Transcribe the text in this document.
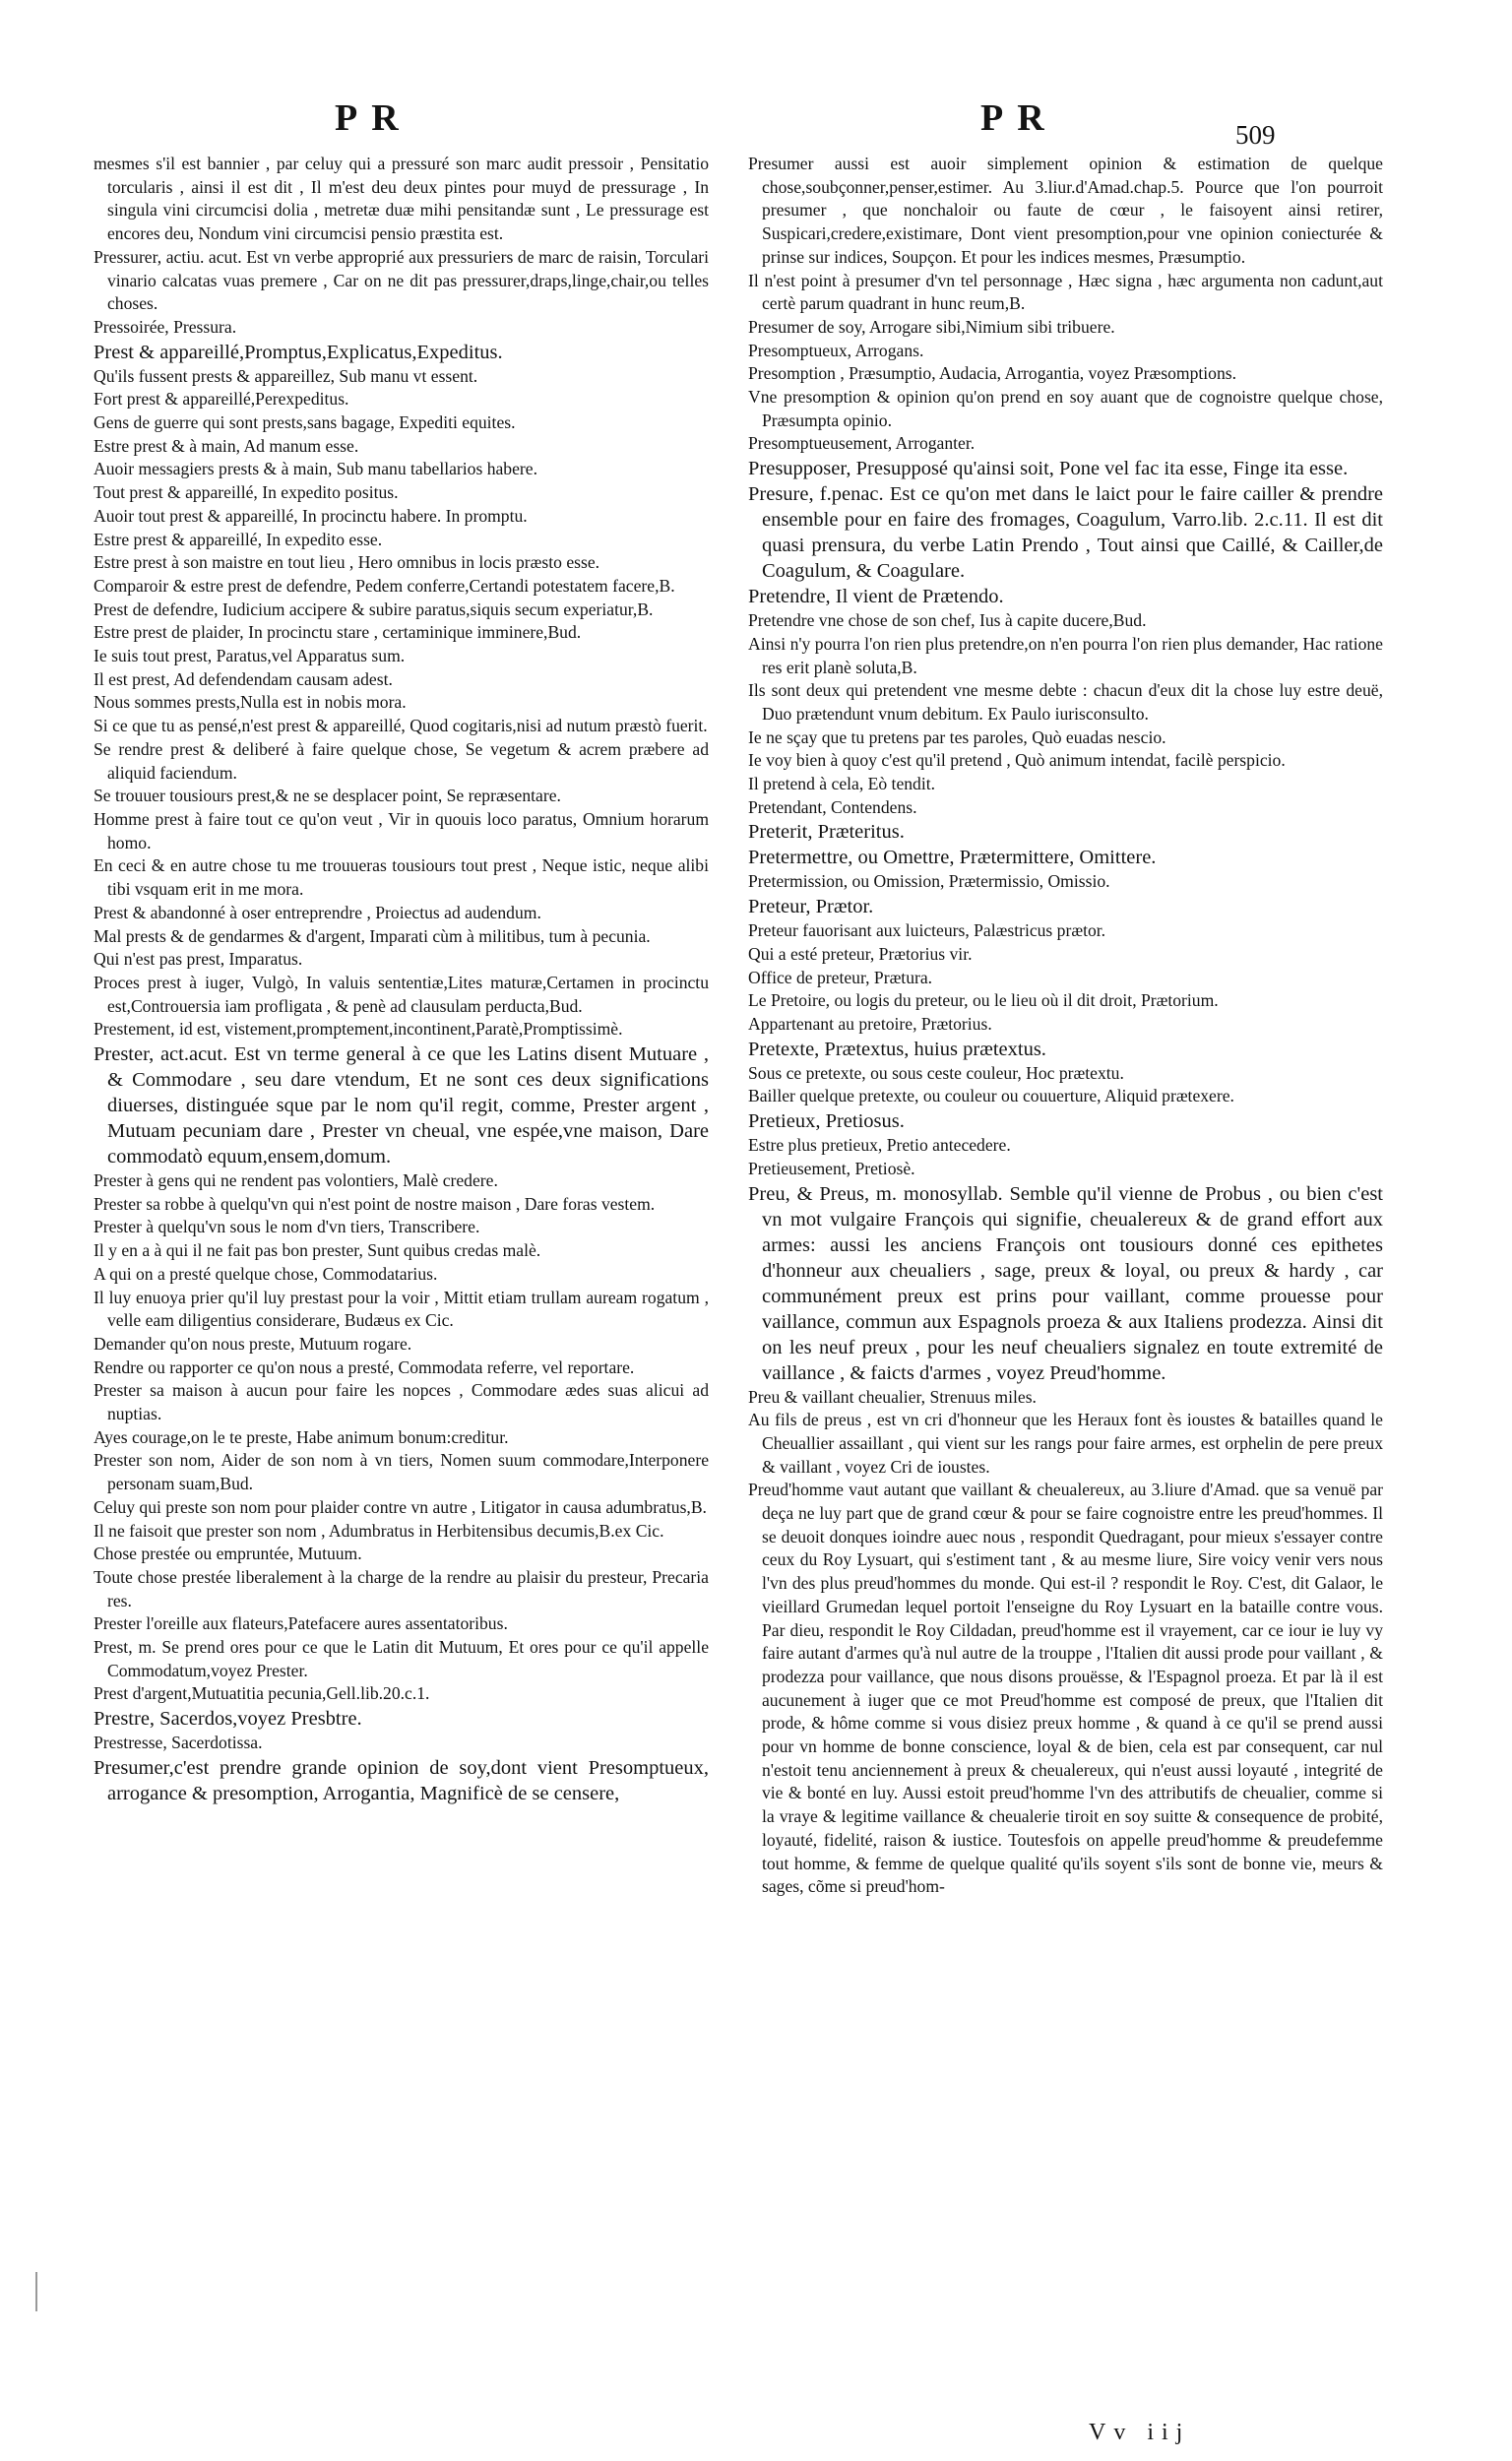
PR	PR	509

mesmes s'il est bannier , par celuy qui a pressuré son marc audit pressoir , Pensitatio torcularis , ainsi il est dit , Il m'est deu deux pintes pour muyd de pressurage , In singula vini circumcisi dolia , metretæ duæ mihi pensitandæ sunt , Le pressurage est encores deu, Nondum vini circumcisi pensio præstita est.

Pressurer, actiu. acut. Est vn verbe approprié aux pressuriers de marc de raisin, Torculari vinario calcatas vuas premere , Car on ne dit pas pressurer,draps,linge,chair,ou telles choses.

Pressoirée, Pressura.

Prest & appareillé,Promptus,Explicatus,Expeditus.

Qu'ils fussent prests & appareillez, Sub manu vt essent.

Fort prest & appareillé,Perexpeditus.

Gens de guerre qui sont prests,sans bagage, Expediti equites.

Estre prest & à main, Ad manum esse.

Auoir messagiers prests & à main, Sub manu tabellarios habere.

Tout prest & appareillé, In expedito positus.

Auoir tout prest & appareillé, In procinctu habere. In promptu.

Estre prest & appareillé, In expedito esse.

Estre prest à son maistre en tout lieu , Hero omnibus in locis præsto esse.

Comparoir & estre prest de defendre, Pedem conferre,Certandi potestatem facere,B.

Prest de defendre, Iudicium accipere & subire paratus,siquis secum experiatur,B.

Estre prest de plaider, In procinctu stare , certaminique imminere,Bud.

Ie suis tout prest, Paratus,vel Apparatus sum.

Il est prest, Ad defendendam causam adest.

Nous sommes prests,Nulla est in nobis mora.

Si ce que tu as pensé,n'est prest & appareillé, Quod cogitaris,nisi ad nutum præstò fuerit.

Se rendre prest & deliberé à faire quelque chose, Se vegetum & acrem præbere ad aliquid faciendum.

Se trouuer tousiours prest,& ne se desplacer point, Se repræsentare.

Homme prest à faire tout ce qu'on veut , Vir in quouis loco paratus, Omnium horarum homo.

En ceci & en autre chose tu me trouueras tousiours tout prest , Neque istic, neque alibi tibi vsquam erit in me mora.

Prest & abandonné à oser entreprendre , Proiectus ad audendum.

Mal prests & de gendarmes & d'argent, Imparati cùm à militibus, tum à pecunia.

Qui n'est pas prest, Imparatus.

Proces prest à iuger, Vulgò, In valuis sententiæ,Lites maturæ,Certamen in procinctu est,Controuersia iam profligata , & penè ad clausulam perducta,Bud.

Prestement, id est, vistement,promptement,incontinent,Paratè,Promptissimè.

Prester, act.acut. Est vn terme general à ce que les Latins disent Mutuare , & Commodare , seu dare vtendum, Et ne sont ces deux significations diuerses, distinguée sque par le nom qu'il regit, comme, Prester argent , Mutuam pecuniam dare , Prester vn cheual, vne espée,vne maison, Dare commodatò equum,ensem,domum.

Prester à gens qui ne rendent pas volontiers, Malè credere.

Prester sa robbe à quelqu'vn qui n'est point de nostre maison , Dare foras vestem.

Prester à quelqu'vn sous le nom d'vn tiers, Transcribere.

Il y en a à qui il ne fait pas bon prester, Sunt quibus credas malè.

A qui on a presté quelque chose, Commodatarius.

Il luy enuoya prier qu'il luy prestast pour la voir , Mittit etiam trullam auream rogatum , velle eam diligentius considerare, Budæus ex Cic.

Demander qu'on nous preste, Mutuum rogare.

Rendre ou rapporter ce qu'on nous a presté, Commodata referre, vel reportare.

Prester sa maison à aucun pour faire les nopces , Commodare ædes suas alicui ad nuptias.

Ayes courage,on le te preste, Habe animum bonum:creditur.

Prester son nom, Aider de son nom à vn tiers, Nomen suum commodare,Interponere personam suam,Bud.

Celuy qui preste son nom pour plaider contre vn autre , Litigator in causa adumbratus,B.

Il ne faisoit que prester son nom , Adumbratus in Herbitensibus decumis,B.ex Cic.

Chose prestée ou empruntée, Mutuum.

Toute chose prestée liberalement à la charge de la rendre au plaisir du presteur, Precaria res.

Prester l'oreille aux flateurs,Patefacere aures assentatoribus.

Prest, m. Se prend ores pour ce que le Latin dit Mutuum, Et ores pour ce qu'il appelle Commodatum,voyez Prester.

Prest d'argent,Mutuatitia pecunia,Gell.lib.20.c.1.

Prestre, Sacerdos,voyez Presbtre.

Prestresse, Sacerdotissa.

Presumer,c'est prendre grande opinion de soy,dont vient Presomptueux, arrogance & presomption, Arrogantia, Magnificè de se censere,

Presumer aussi est auoir simplement opinion & estimation de quelque chose,soubçonner,penser,estimer. Au 3.liur.d'Amad.chap.5. Pource que l'on pourroit presumer , que nonchaloir ou faute de cœur , le faisoyent ainsi retirer, Suspicari,credere,existimare, Dont vient presomption,pour vne opinion coniecturée & prinse sur indices, Soupçon. Et pour les indices mesmes, Præsumptio.

Il n'est point à presumer d'vn tel personnage , Hæc signa , hæc argumenta non cadunt,aut certè parum quadrant in hunc reum,B.

Presumer de soy, Arrogare sibi,Nimium sibi tribuere.

Presomptueux, Arrogans.

Presomption , Præsumptio, Audacia, Arrogantia, voyez Præsomptions.

Vne presomption & opinion qu'on prend en soy auant que de cognoistre quelque chose, Præsumpta opinio.

Presomptueusement, Arroganter.

Presupposer, Presupposé qu'ainsi soit, Pone vel fac ita esse, Finge ita esse.

Presure, f.penac. Est ce qu'on met dans le laict pour le faire cailler & prendre ensemble pour en faire des fromages, Coagulum, Varro.lib. 2.c.11. Il est dit quasi prensura, du verbe Latin Prendo , Tout ainsi que Caillé, & Cailler,de Coagulum, & Coagulare.

Pretendre, Il vient de Prætendo.

Pretendre vne chose de son chef, Ius à capite ducere,Bud.

Ainsi n'y pourra l'on rien plus pretendre,on n'en pourra l'on rien plus demander, Hac ratione res erit planè soluta,B.

Ils sont deux qui pretendent vne mesme debte : chacun d'eux dit la chose luy estre deuë, Duo prætendunt vnum debitum. Ex Paulo iurisconsulto.

Ie ne sçay que tu pretens par tes paroles, Quò euadas nescio.

Ie voy bien à quoy c'est qu'il pretend , Quò animum intendat, facilè perspicio.

Il pretend à cela, Eò tendit.

Pretendant, Contendens.

Preterit, Præteritus.

Pretermettre, ou Omettre, Prætermittere, Omittere.

Pretermission, ou Omission, Prætermissio, Omissio.

Preteur, Prætor.

Preteur fauorisant aux luicteurs, Palæstricus prætor.

Qui a esté preteur, Prætorius vir.

Office de preteur, Prætura.

Le Pretoire, ou logis du preteur, ou le lieu où il dit droit, Prætorium.

Appartenant au pretoire, Prætorius.

Pretexte, Prætextus, huius prætextus.

Sous ce pretexte, ou sous ceste couleur, Hoc prætextu.

Bailler quelque pretexte, ou couleur ou couuerture, Aliquid prætexere.

Pretieux, Pretiosus.

Estre plus pretieux, Pretio antecedere.

Pretieusement, Pretiosè.

Preu, & Preus, m. monosyllab. Semble qu'il vienne de Probus , ou bien c'est vn mot vulgaire François qui signifie, cheualereux & de grand effort aux armes: aussi les anciens François ont tousiours donné ces epithetes d'honneur aux cheualiers , sage, preux & loyal, ou preux & hardy , car communément preux est prins pour vaillant, comme prouesse pour vaillance, commun aux Espagnols proeza & aux Italiens prodezza. Ainsi dit on les neuf preux , pour les neuf cheualiers signalez en toute extremité de vaillance , & faicts d'armes , voyez Preud'homme.

Preu & vaillant cheualier, Strenuus miles.

Au fils de preus , est vn cri d'honneur que les Heraux font ès ioustes & batailles quand le Cheuallier assaillant , qui vient sur les rangs pour faire armes, est orphelin de pere preux & vaillant , voyez Cri de ioustes.

Preud'homme vaut autant que vaillant & cheualereux, au 3.liure d'Amad. que sa venuë par deça ne luy part que de grand cœur & pour se faire cognoistre entre les preud'hommes. Il se deuoit donques ioindre auec nous , respondit Quedragant, pour mieux s'essayer contre ceux du Roy Lysuart, qui s'estiment tant , & au mesme liure, Sire voicy venir vers nous l'vn des plus preud'hommes du monde. Qui est-il ? respondit le Roy. C'est, dit Galaor, le vieillard Grumedan lequel portoit l'enseigne du Roy Lysuart en la bataille contre vous. Par dieu, respondit le Roy Cildadan, preud'homme est il vrayement, car ce iour ie luy vy faire autant d'armes qu'à nul autre de la trouppe , l'Italien dit aussi prode pour vaillant , & prodezza pour vaillance, que nous disons prouësse, & l'Espagnol proeza. Et par là il est aucunement à iuger que ce mot Preud'homme est composé de preux, que l'Italien dit prode, & hôme comme si vous disiez preux homme , & quand à ce qu'il se prend aussi pour vn homme de bonne conscience, loyal & de bien, cela est par consequent, car nul n'estoit tenu anciennement à preux & cheualereux, qui n'eust aussi loyauté , integrité de vie & bonté en luy. Aussi estoit preud'homme l'vn des attributifs de cheualier, comme si la vraye & legitime vaillance & cheualerie tiroit en soy suitte & consequence de probité, loyauté, fidelité, raison & iustice. Toutesfois on appelle preud'homme & preudefemme tout homme, & femme de quelque qualité qu'ils soyent s'ils sont de bonne vie, meurs & sages, cõme si preud'hom-

Vv iij
